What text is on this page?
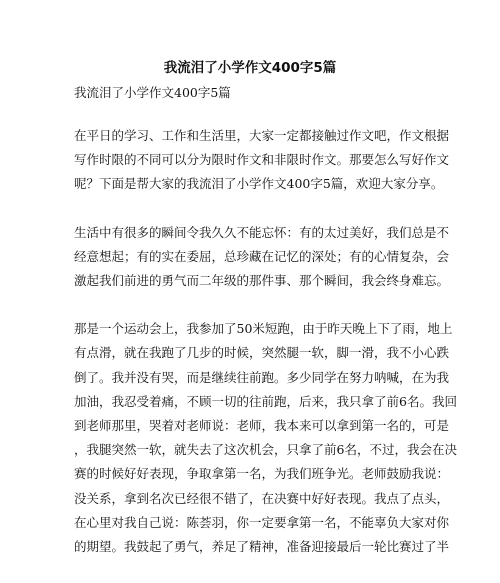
我流泪了小学作文400字5篇
我流泪了小学作文400字5篇
在平日的学习、工作和生活里，大家一定都接触过作文吧，作文根据
写作时限的不同可以分为限时作文和非限时作文。那要怎么写好作文
呢？下面是帮大家的我流泪了小学作文400字5篇，欢迎大家分享。
生活中有很多的瞬间令我久久不能忘怀：有的太过美好，我们总是不
经意想起；有的实在委屈，总珍藏在记忆的深处；有的心情复杂，会
激起我们前进的勇气而二年级的那件事、那个瞬间，我会终身难忘。
那是一个运动会上，我参加了50米短跑，由于昨天晚上下了雨，地上
有点滑，就在我跑了几步的时候，突然腿一软，脚一滑，我不小心跌
倒了。我并没有哭，而是继续往前跑。多少同学在努力呐喊，在为我
加油，我忍受着痛，不顾一切的往前跑，后来，我只拿了前6名。我回
到老师那里，哭着对老师说：老师，我本来可以拿到第一名的，可是
，我腿突然一软，就失去了这次机会，只拿了前6名，不过，我会在决
赛的时候好好表现，争取拿第一名，为我们班争光。老师鼓励我说：
没关系，拿到名次已经很不错了，在决赛中好好表现。我点了点头，
在心里对我自己说：陈荟羽，你一定要拿第一名，不能辜负大家对你
的期望。我鼓起了勇气，养足了精神，准备迎接最后一轮比赛过了半
